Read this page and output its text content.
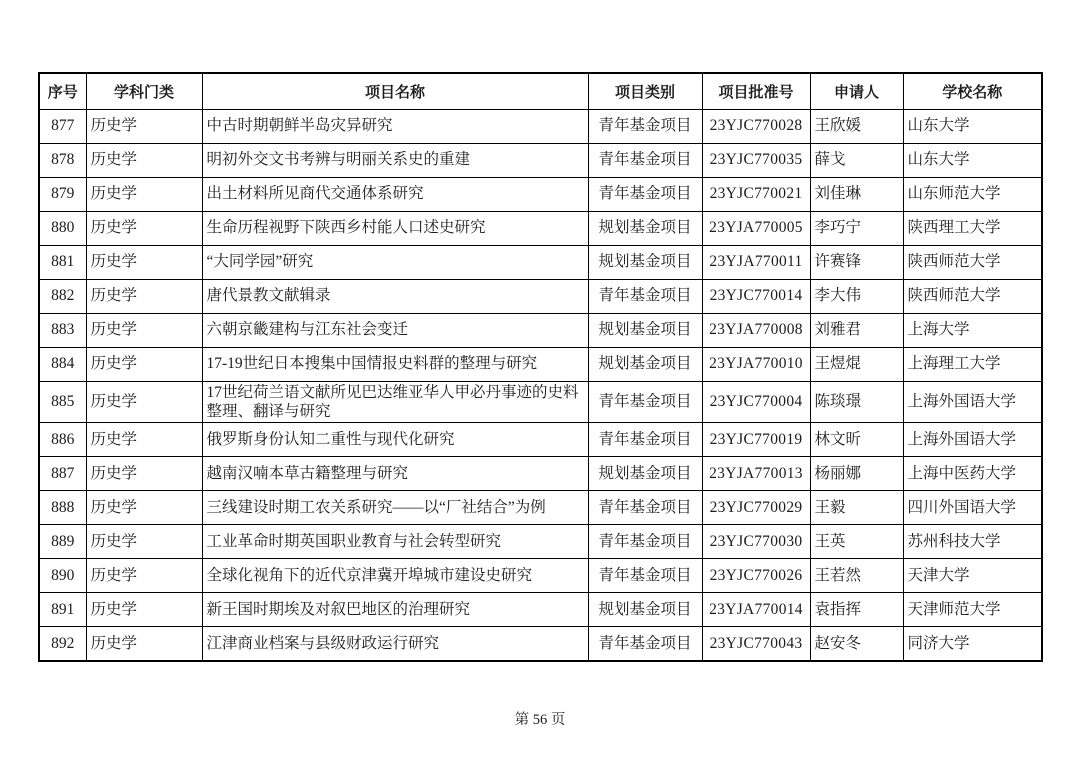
序号	学科门类	项目名称	项目类别	项目批准号	申请人	学校名称
877	历史学	中古时期朝鲜半岛灾异研究	青年基金项目	23YJC770028	王欣媛	山东大学
878	历史学	明初外交文书考辨与明丽关系史的重建	青年基金项目	23YJC770035	薛戈	山东大学
879	历史学	出土材料所见商代交通体系研究	青年基金项目	23YJC770021	刘佳琳	山东师范大学
880	历史学	生命历程视野下陕西乡村能人口述史研究	规划基金项目	23YJA770005	李巧宁	陕西理工大学
881	历史学	“大同学园”研究	规划基金项目	23YJA770011	许赛锋	陕西师范大学
882	历史学	唐代景教文献辑录	青年基金项目	23YJC770014	李大伟	陕西师范大学
883	历史学	六朝京畿建构与江东社会变迁	规划基金项目	23YJA770008	刘雅君	上海大学
884	历史学	17-19世纪日本搜集中国情报史料群的整理与研究	规划基金项目	23YJA770010	王煜焜	上海理工大学
885	历史学	17世纪荷兰语文献所见巴达维亚华人甲必丹事迹的史料整理、翻译与研究	青年基金项目	23YJC770004	陈琰璟	上海外国语大学
886	历史学	俄罗斯身份认知二重性与现代化研究	青年基金项目	23YJC770019	林文昕	上海外国语大学
887	历史学	越南汉喃本草古籍整理与研究	规划基金项目	23YJA770013	杨丽娜	上海中医药大学
888	历史学	三线建设时期工农关系研究——以“厂社结合”为例	青年基金项目	23YJC770029	王毅	四川外国语大学
889	历史学	工业革命时期英国职业教育与社会转型研究	青年基金项目	23YJC770030	王英	苏州科技大学
890	历史学	全球化视角下的近代京津冀开埠城市建设史研究	青年基金项目	23YJC770026	王若然	天津大学
891	历史学	新王国时期埃及对叙巴地区的治理研究	规划基金项目	23YJA770014	袁指挥	天津师范大学
892	历史学	江津商业档案与县级财政运行研究	青年基金项目	23YJC770043	赵安冬	同济大学
第 56 页
